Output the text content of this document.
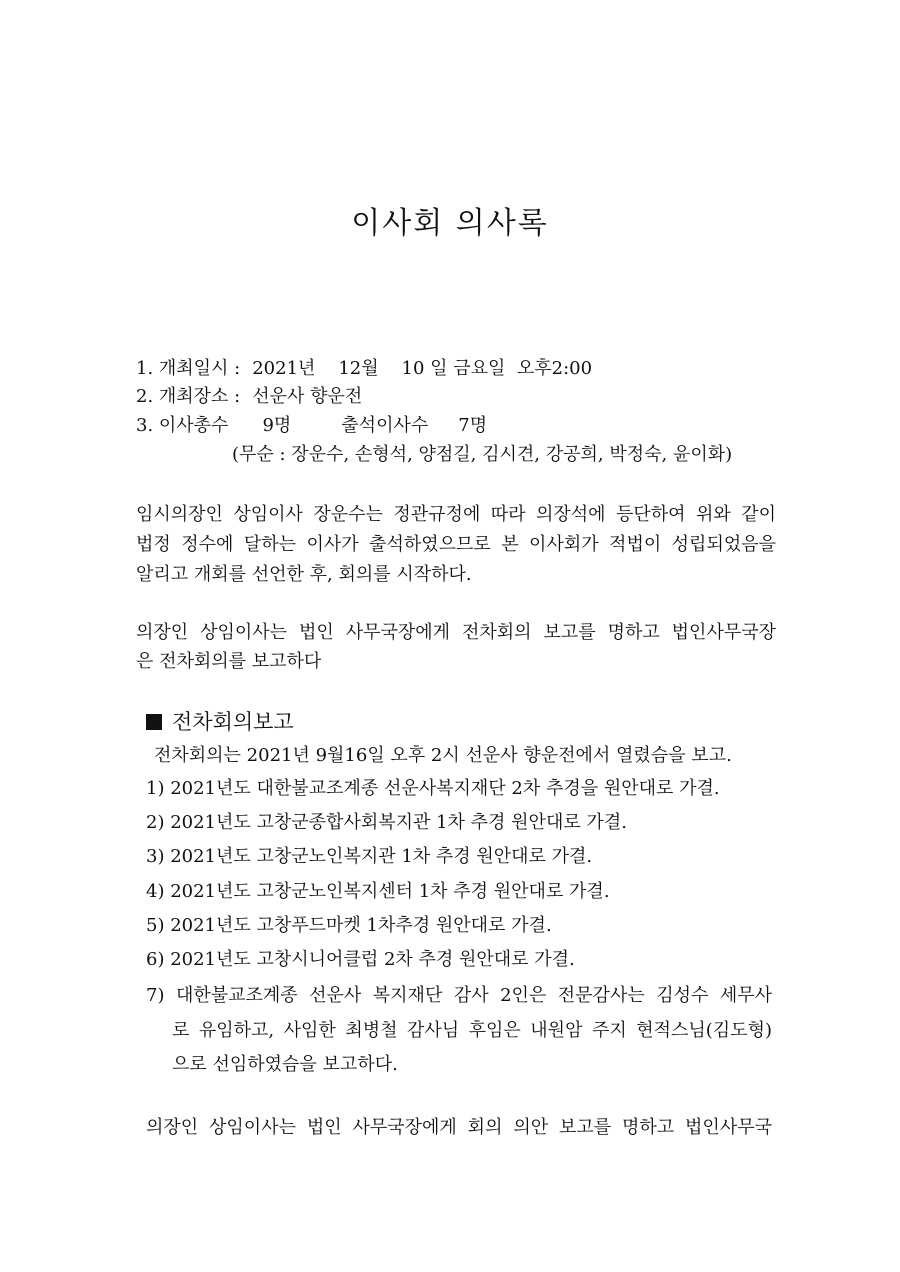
이사회 의사록
1. 개최일시 : 2021년    12월    10 일 금요일  오후2:00
2. 개최장소 : 선운사 향운전
3. 이사총수 9명	출석이사수 7명
(무순 : 장운수, 손형석, 양점길, 김시견, 강공희, 박정숙, 윤이화)
임시의장인 상임이사 장운수는 정관규정에 따라 의장석에 등단하여 위와 같이
법정 정수에 달하는 이사가 출석하였으므로 본 이사회가 적법이 성립되었음을
알리고 개회를 선언한 후, 회의를 시작하다.
의장인 상임이사는 법인 사무국장에게 전차회의 보고를 명하고 법인사무국장
은 전차회의를 보고하다
전차회의보고
전차회의는 2021년 9월16일 오후 2시 선운사 향운전에서 열렸슴을 보고.
1) 2021년도 대한불교조계종 선운사복지재단 2차 추경을 원안대로 가결.
2) 2021년도 고창군종합사회복지관 1차 추경 원안대로 가결.
3) 2021년도 고창군노인복지관 1차 추경 원안대로 가결.
4) 2021년도 고창군노인복지센터 1차 추경 원안대로 가결.
5) 2021년도 고창푸드마켓 1차추경 원안대로 가결.
6) 2021년도 고창시니어클럽 2차 추경 원안대로 가결.
7) 대한불교조계종 선운사 복지재단 감사 2인은 전문감사는 김성수 세무사
로 유임하고, 사임한 최병철 감사님 후임은 내원암 주지 현적스님(김도형)
으로 선임하였슴을 보고하다.
의장인 상임이사는 법인 사무국장에게 회의 의안 보고를 명하고 법인사무국
